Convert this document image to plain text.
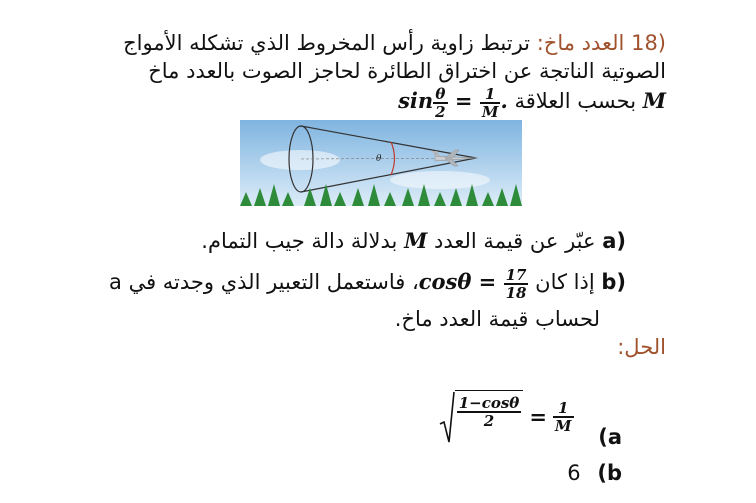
18) العدد ماخ: ترتبط زاوية رأس المخروط الذي تشكله الأمواج
الصوتية الناتجة عن اختراق الطائرة لحاجز الصوت بالعدد ماخ
M بحسب العلاقة $\sin \frac{\theta}{2} = \frac{1}{M}$ .
θ
a) عبّر عن قيمة العدد M بدلالة دالة جيب التمام.
b) إذا كان $\cos\theta = \frac{17}{18}$
، فاستعمل التعبير الذي وجدته في a
لحساب قيمة العدد ماخ.
الحل:
$\frac{1-\cos\theta}{2} = \frac{1}{M}$
(a
6 (b
